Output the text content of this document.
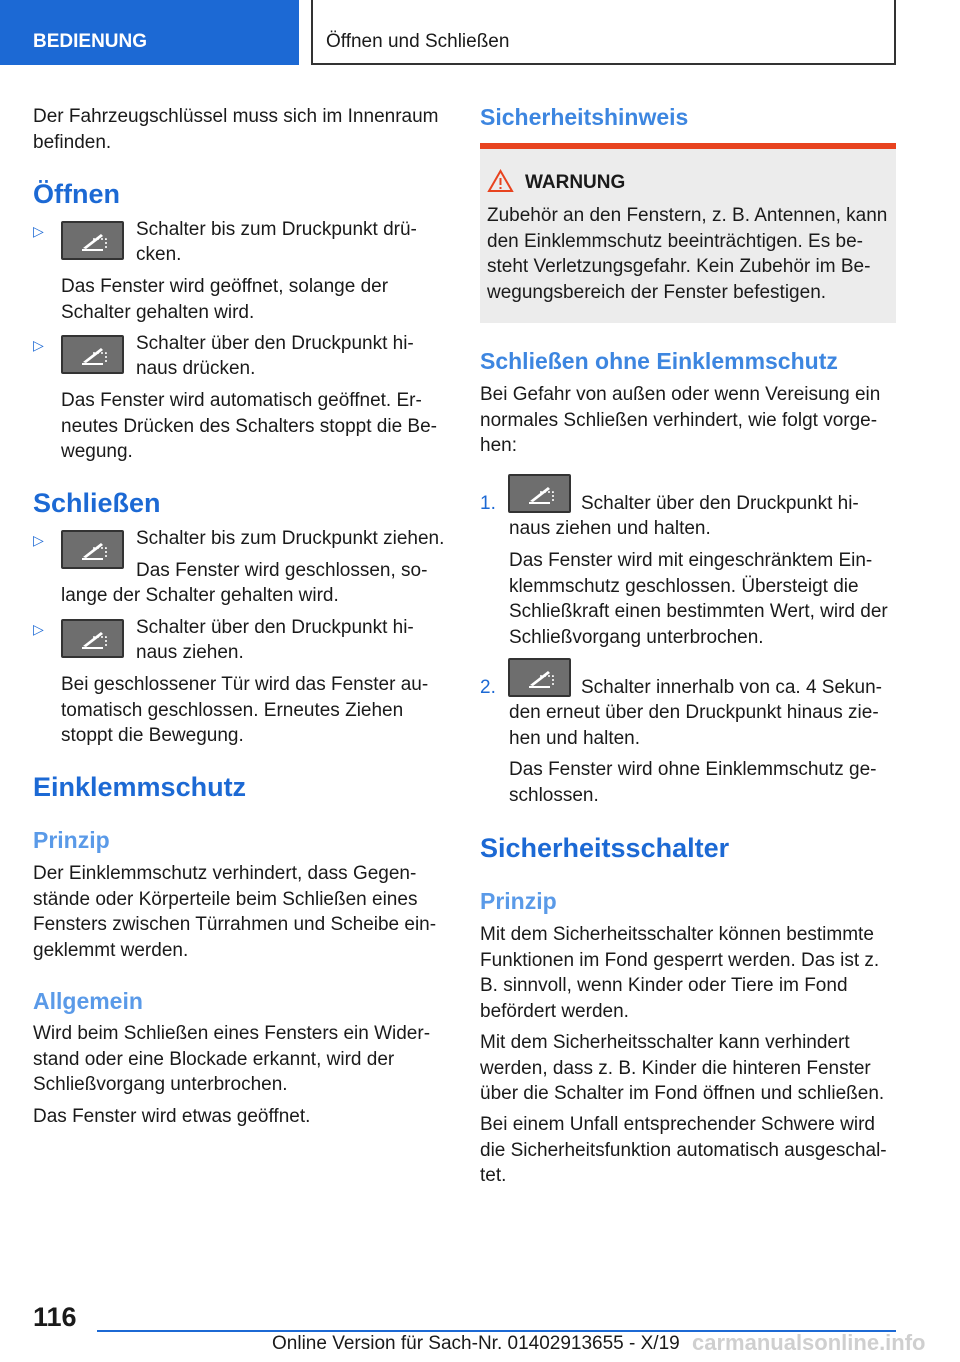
BEDIENUNG	Öffnen und Schließen
Der Fahrzeugschlüssel muss sich im Innenraum befinden.
Öffnen
▷	Schalter bis zum Druckpunkt drü-
cken.
Das Fenster wird geöffnet, solange der Schalter gehalten wird.
▷	Schalter über den Druckpunkt hi-
naus drücken.
Das Fenster wird automatisch geöffnet. Erneutes Drücken des Schalters stoppt die Bewegung.
Schließen
▷	Schalter bis zum Druckpunkt ziehen.
Das Fenster wird geschlossen, so-
lange der Schalter gehalten wird.
▷	Schalter über den Druckpunkt hi-
naus ziehen.
Bei geschlossener Tür wird das Fenster automatisch geschlossen. Erneutes Ziehen stoppt die Bewegung.
Einklemmschutz
Prinzip
Der Einklemmschutz verhindert, dass Gegenstände oder Körperteile beim Schließen eines Fensters zwischen Türrahmen und Scheibe eingeklemmt werden.
Allgemein
Wird beim Schließen eines Fensters ein Widerstand oder eine Blockade erkannt, wird der Schließvorgang unterbrochen.
Das Fenster wird etwas geöffnet.
Sicherheitshinweis
WARNUNG
Zubehör an den Fenstern, z. B. Antennen, kann den Einklemmschutz beeinträchtigen. Es besteht Verletzungsgefahr. Kein Zubehör im Bewegungsbereich der Fenster befestigen.
Schließen ohne Einklemmschutz
Bei Gefahr von außen oder wenn Vereisung ein normales Schließen verhindert, wie folgt vorgehen:
1.	Schalter über den Druckpunkt hi-
naus ziehen und halten.
Das Fenster wird mit eingeschränktem Einklemmschutz geschlossen. Übersteigt die Schließkraft einen bestimmten Wert, wird der Schließvorgang unterbrochen.
2.	Schalter innerhalb von ca. 4 Sekun-
den erneut über den Druckpunkt hinaus ziehen und halten.
Das Fenster wird ohne Einklemmschutz geschlossen.
Sicherheitsschalter
Prinzip
Mit dem Sicherheitsschalter können bestimmte Funktionen im Fond gesperrt werden. Das ist z. B. sinnvoll, wenn Kinder oder Tiere im Fond befördert werden.
Mit dem Sicherheitsschalter kann verhindert werden, dass z. B. Kinder die hinteren Fenster über die Schalter im Fond öffnen und schließen.
Bei einem Unfall entsprechender Schwere wird die Sicherheitsfunktion automatisch ausgeschaltet.
116
Online Version für Sach-Nr. 01402913655 - X/19 carmanualsonline.info
